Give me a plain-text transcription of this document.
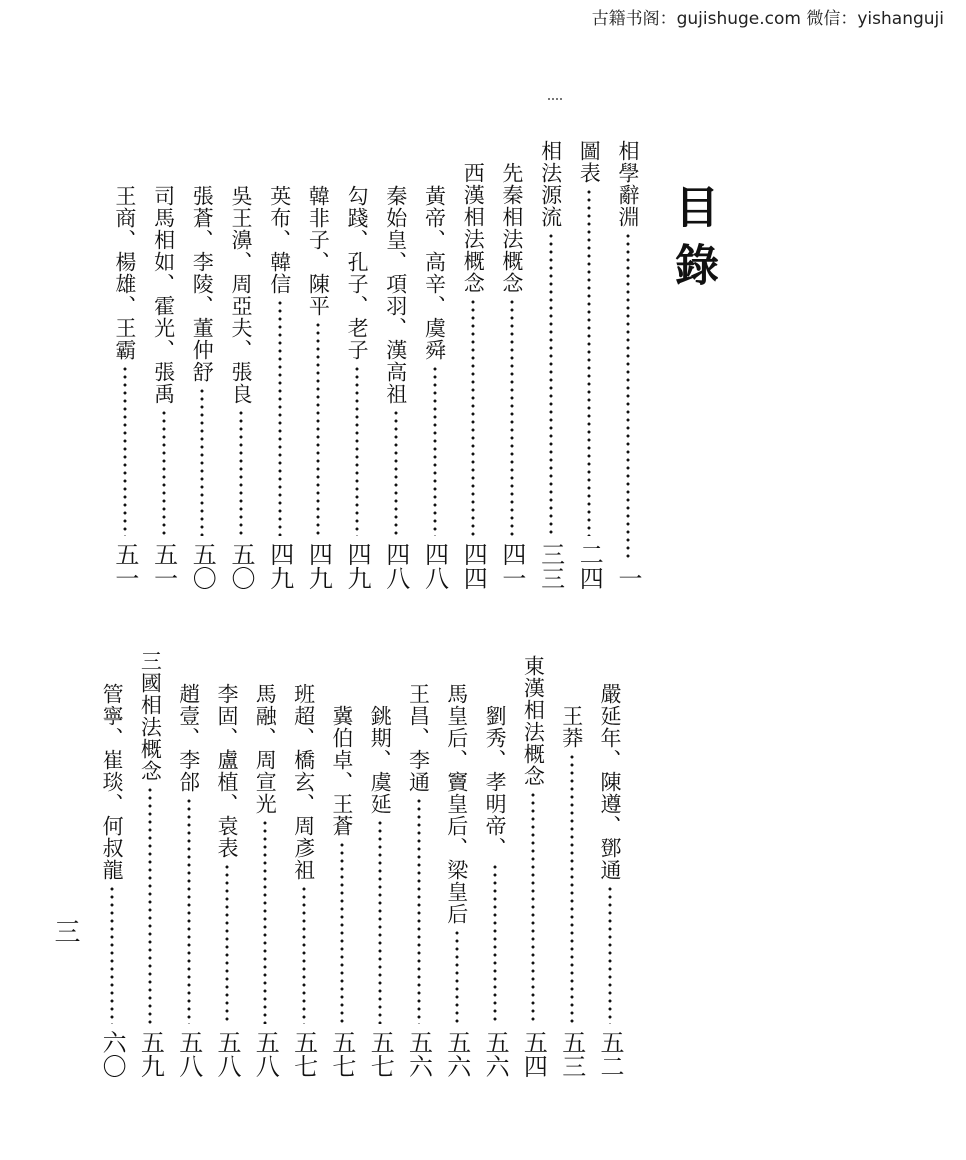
古籍书阁：gujishuge.com 微信：yishanguji
目錄
相學辭淵
一
圖表
二四
相法源流
三三
先秦相法概念
四一
西漢相法概念
四四
黃帝、高辛、虞舜
四八
秦始皇、項羽、漢高祖
四八
勾踐、孔子、老子
四九
韓非子、陳平
四九
英布、韓信
四九
吳王濞、周亞夫、張良
五〇
張蒼、李陵、董仲舒
五〇
司馬相如、霍光、張禹
五一
王商、楊雄、王霸
五一
嚴延年、陳遵、鄧通
五二
王莽
五三
東漢相法概念
五四
劉秀、孝明帝、
五六
馬皇后、竇皇后、梁皇后
五六
王昌、李通
五六
銚期、虞延
五七
冀伯卓、王蒼
五七
班超、橋玄、周彥祖
五七
馬融、周宣光
五八
李固、盧植、袁表
五八
趙壹、李郃
五八
三國相法概念
五九
管寧、崔琰、何叔龍
六〇
三
